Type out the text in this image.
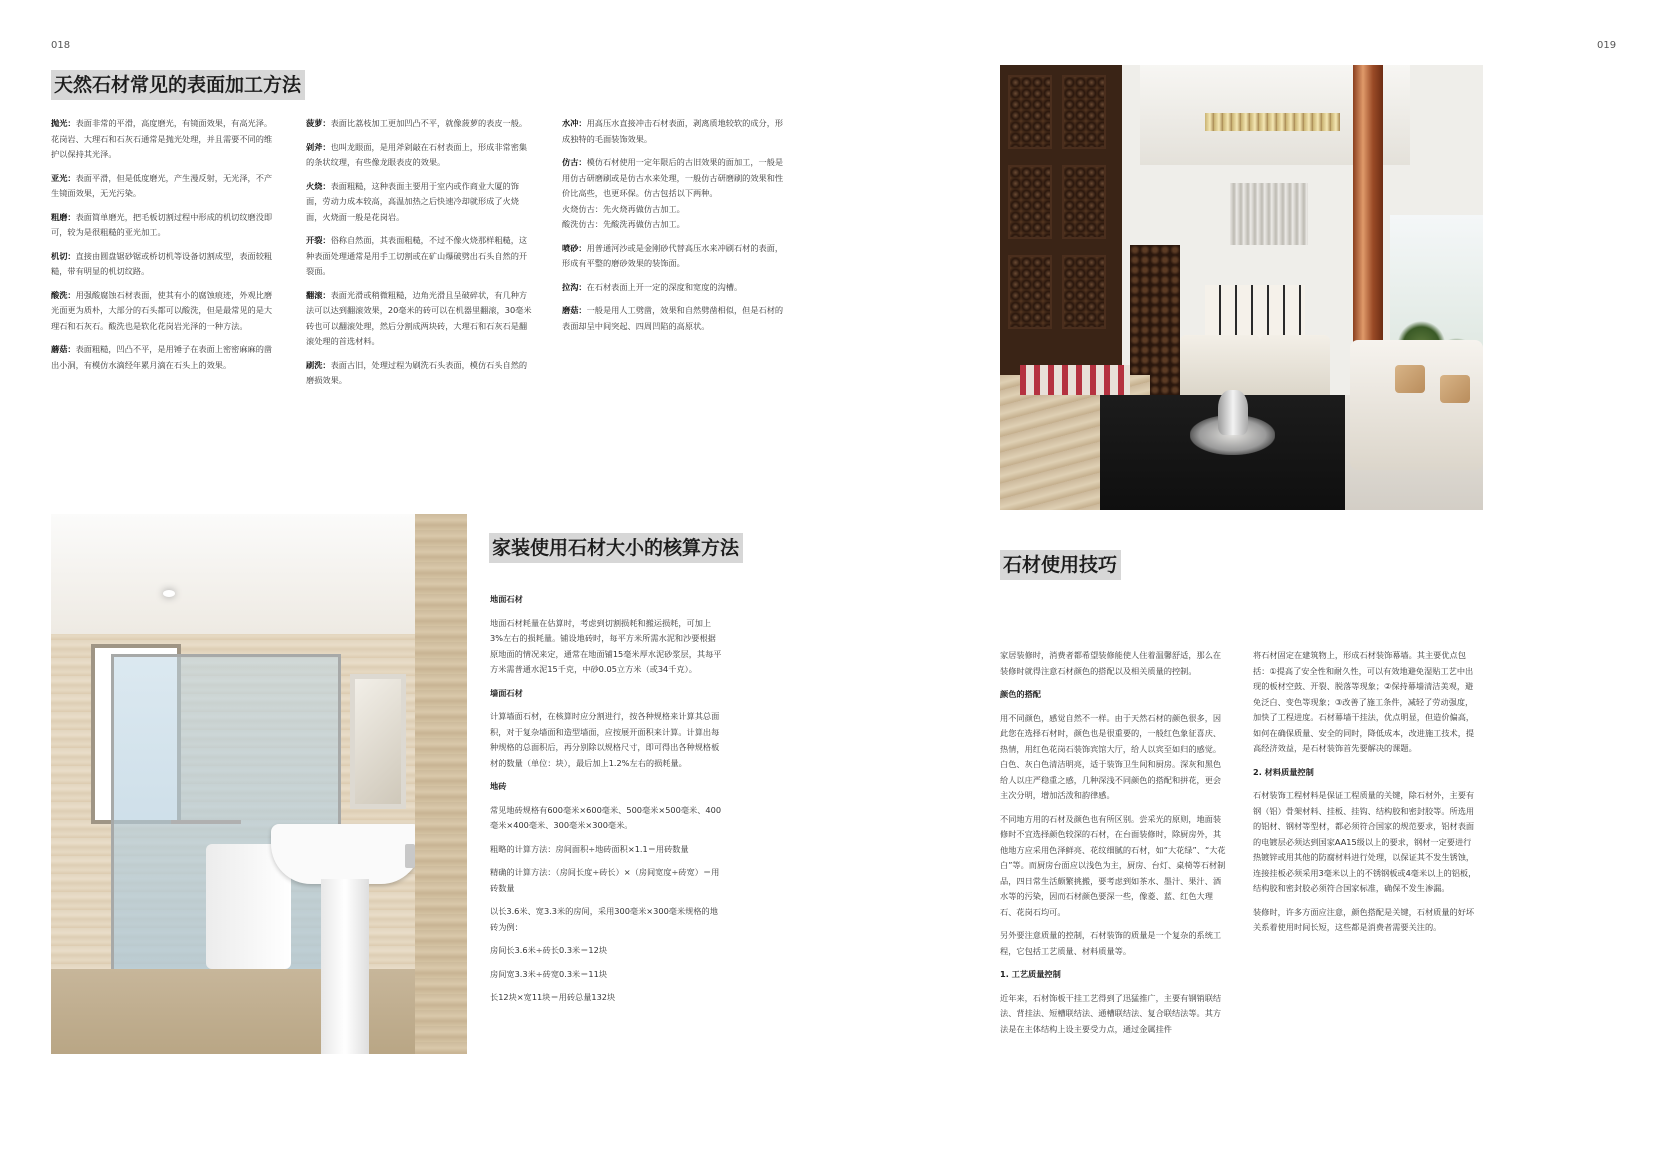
018	019
天然石材常见的表面加工方法

抛光：表面非常的平滑，高度磨光，有镜面效果，有高光泽。花岗岩、大理石和石灰石通常是抛光处理，并且需要不同的维护以保持其光泽。

亚光：表面平滑，但是低度磨光，产生漫反射，无光泽，不产生镜面效果，无光污染。

粗磨：表面简单磨光，把毛板切割过程中形成的机切纹磨没即可，较为是很粗糙的亚光加工。

机切：直接由圆盘锯砂锯或桥切机等设备切割成型，表面较粗糙，带有明显的机切纹路。

酸洗：用强酸腐蚀石材表面，使其有小的腐蚀痕迹，外观比磨光面更为质朴，大部分的石头都可以酸洗，但是最常见的是大理石和石灰石。酸洗也是软化花岗岩光泽的一种方法。

蘑菇：表面粗糙，凹凸不平，是用锤子在表面上密密麻麻的凿出小洞，有模仿水滴经年累月滴在石头上的效果。

菠萝：表面比荔枝加工更加凹凸不平，就像菠萝的表皮一般。

剁斧：也叫龙眼面，是用斧剁敲在石材表面上，形成非常密集的条状纹理，有些像龙眼表皮的效果。

火烧：表面粗糙，这种表面主要用于室内或作商业大厦的饰面，劳动力成本较高，高温加热之后快速冷却就形成了火烧面，火烧面一般是花岗岩。

开裂：俗称自然面，其表面粗糙，不过不像火烧那样粗糙，这种表面处理通常是用手工切割或在矿山爆破劈出石头自然的开裂面。

翻滚：表面光滑或稍微粗糙，边角光滑且呈破碎状，有几种方法可以达到翻滚效果，20毫米的砖可以在机器里翻滚，30毫米砖也可以翻滚处理，然后分割成两块砖，大理石和石灰石是翻滚处理的首选材料。

刷洗：表面古旧，处理过程为刷洗石头表面，模仿石头自然的磨损效果。

水冲：用高压水直接冲击石材表面，剥离质地较软的成分，形成独特的毛面装饰效果。

仿古：模仿石材使用一定年限后的古旧效果的面加工，一般是用仿古研磨刷或是仿古水来处理，一般仿古研磨刷的效果和性价比高些，也更环保。仿古包括以下两种。

火烧仿古：先火烧再做仿古加工。
酸洗仿古：先酸洗再做仿古加工。

喷砂：用普通河沙或是金刚砂代替高压水来冲刷石材的表面，形成有平整的磨砂效果的装饰面。

拉沟：在石材表面上开一定的深度和宽度的沟槽。

磨菇：一般是用人工劈凿，效果和自然劈凿相似，但是石材的表面却呈中间突起、四周凹陷的高原状。

家装使用石材大小的核算方法
地面石材

地面石材耗量在估算时，考虑到切割损耗和搬运损耗，可加上3%左右的损耗量。铺设地砖时，每平方米所需水泥和沙要根据原地面的情况来定，通常在地面铺15毫米厚水泥砂浆层，其每平方米需普通水泥15千克，中砂0.05立方米（或34千克）。

墙面石材

计算墙面石材，在核算时应分割进行，按各种规格来计算其总面积，对于复杂墙面和造型墙面，应按展开面积来计算。计算出每种规格的总面积后，再分别除以规格尺寸，即可得出各种规格板材的数量（单位：块），最后加上1.2%左右的损耗量。

地砖

常见地砖规格有600毫米×600毫米、500毫米×500毫米、400毫米×400毫米、300毫米×300毫米。

粗略的计算方法：房间面积÷地砖面积×1.1＝用砖数量

精确的计算方法：（房间长度÷砖长）×（房间宽度÷砖宽）＝用砖数量

以长3.6米、宽3.3米的房间，采用300毫米×300毫米规格的地砖为例：

房间长3.6米÷砖长0.3米＝12块

房间宽3.3米÷砖宽0.3米＝11块

长12块×宽11块＝用砖总量132块

石材使用技巧

家居装修时，消费者都希望装修能使人住着温馨舒适，那么在装修时就得注意石材颜色的搭配以及相关质量的控制。

颜色的搭配

用不同颜色，感觉自然不一样。由于天然石材的颜色很多，因此您在选择石材时，颜色也是很重要的，一般红色象征喜庆、热情，用红色花岗石装饰宾馆大厅，给人以宾至如归的感觉。白色、灰白色清洁明亮，适于装饰卫生间和厨房。深灰和黑色给人以庄严稳重之感，几种深浅不同颜色的搭配和拼花，更会主次分明，增加活泼和韵律感。

不同地方用的石材及颜色也有所区别。尝采光的原则，地面装修时不宜选择颜色较深的石材，在台面装修时，除厨房外，其他地方应采用色泽鲜亮、花纹细腻的石材，如“大花绿”、“大花白”等。而厨房台面应以浅色为主，厨房、台灯、桌椅等石材制品，四日常生活颇繁挑搬，要考虑到如茶水、墨汁、果汁、酒水等的污染，因而石材颜色要深一些，像菱、蓝、红色大理石、花岗石均可。

另外要注意质量的控制，石材装饰的质量是一个复杂的系统工程，它包括工艺质量、材料质量等。

1. 工艺质量控制

近年来，石材饰板干挂工艺得到了迅猛推广，主要有钢销联结法、背挂法、短槽联结法、通槽联结法、复合联结法等。其方法是在主体结构上设主要受力点，通过金属挂件

将石材固定在建筑物上，形成石材装饰幕墙。其主要优点包括：①提高了安全性和耐久性，可以有效地避免湿贴工艺中出现的板材空鼓、开裂、脱落等现象；②保持幕墙清洁美观，避免泛白、变色等现象；③改善了施工条件，减轻了劳动强度，加快了工程进度。石材幕墙干挂法，优点明显，但造价偏高，如何在确保质量、安全的同时，降低成本，改进施工技术，提高经济效益，是石材装饰首先要解决的课题。

2. 材料质量控制

石材装饰工程材料是保证工程质量的关键，除石材外，主要有钢（铝）骨架材料、挂板、挂钩、结构胶和密封胶等。所选用的铝材、钢材等型材，都必须符合国家的规范要求，铝材表面的电镀层必须达到国家AA15级以上的要求，钢材一定要进行热镀锌或用其他的防腐材料进行处理，以保证其不发生锈蚀，连接挂板必须采用3毫米以上的不锈钢板或4毫米以上的铝板，结构胶和密封胶必须符合国家标准，确保不发生渗漏。

装修时，许多方面应注意，颜色搭配是关键，石材质量的好坏关系着使用时间长短，这些都是消费者需要关注的。
